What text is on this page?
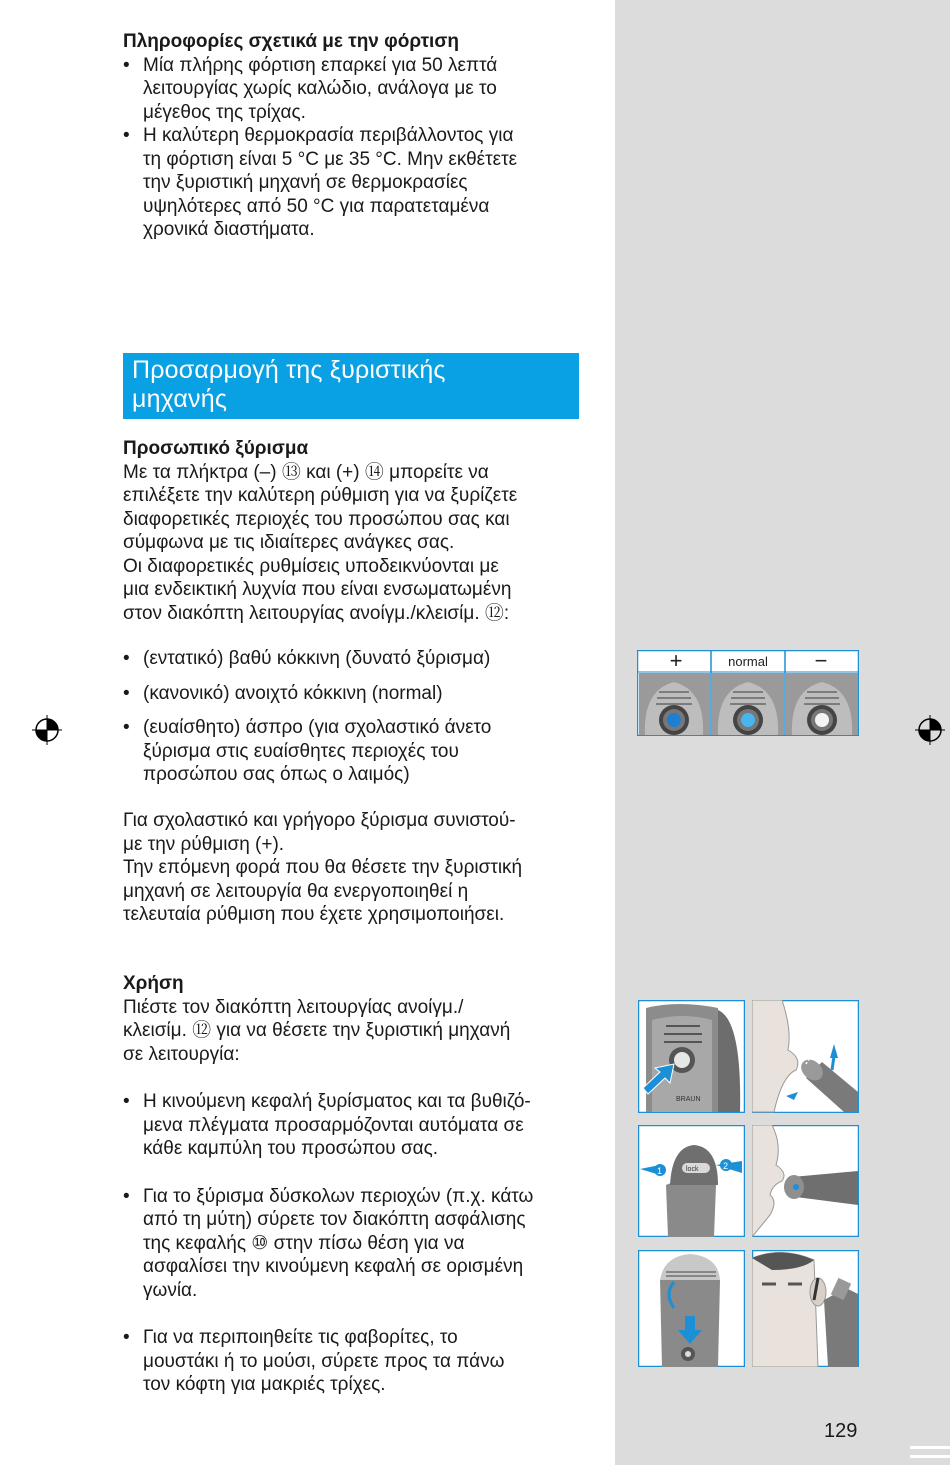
Πληροφορίες σχετικά με την φόρτιση
• Μία πλήρης φόρτιση επαρκεί για 50 λεπτά
λειτουργίας χωρίς καλώδιο, ανάλογα με το
μέγεθος της τρίχας.
• Η καλύτερη θερμοκρασία περιβάλλοντος για
τη φόρτιση είναι 5 °C με 35 °C. Μην εκθέτετε
την ξυριστική μηχανή σε θερμοκρασίες
υψηλότερες από 50 °C για παρατεταμένα
χρονικά διαστήματα.
Προσαρμογή της ξυριστικής
μηχανής
Προσωπικό ξύρισμα
Με τα πλήκτρα (–) ⑬ και (+) ⑭ μπορείτε να
επιλέξετε την καλύτερη ρύθμιση για να ξυρίζετε
διαφορετικές περιοχές του προσώπου σας και
σύμφωνα με τις ιδιαίτερες ανάγκες σας.
Οι διαφορετικές ρυθμίσεις υποδεικνύονται με
μια ενδεικτική λυχνία που είναι ενσωματωμένη
στον διακόπτη λειτουργίας ανοίγμ./κλεισίμ. ⑫:
• (εντατικό) βαθύ κόκκινη (δυνατό ξύρισμα)
• (κανονικό) ανοιχτό κόκκινη (normal)
• (ευαίσθητο) άσπρο (για σχολαστικό άνετο
ξύρισμα στις ευαίσθητες περιοχές του
προσώπου σας όπως ο λαιμός)
Για σχολαστικό και γρήγορο ξύρισμα συνιστού-
με την ρύθμιση (+).
Την επόμενη φορά που θα θέσετε την ξυριστική
μηχανή σε λειτουργία θα ενεργοποιηθεί η
τελευταία ρύθμιση που έχετε χρησιμοποιήσει.
Χρήση
Πιέστε τον διακόπτη λειτουργίας ανοίγμ./
κλεισίμ. ⑫ για να θέσετε την ξυριστική μηχανή
σε λειτουργία:
• Η κινούμενη κεφαλή ξυρίσματος και τα βυθιζό-
μενα πλέγματα προσαρμόζονται αυτόματα σε
κάθε καμπύλη του προσώπου σας.
• Για το ξύρισμα δύσκολων περιοχών (π.χ. κάτω
από τη μύτη) σύρετε τον διακόπτη ασφάλισης
της κεφαλής ⑩ στην πίσω θέση για να
ασφαλίσει την κινούμενη κεφαλή σε ορισμένη
γωνία.
• Για να περιποιηθείτε τις φαβορίτες, το
μουστάκι ή το μούσι, σύρετε προς τα πάνω
τον κόφτη για μακριές τρίχες.
+	normal −
BRAUN
lock
1	2
129
